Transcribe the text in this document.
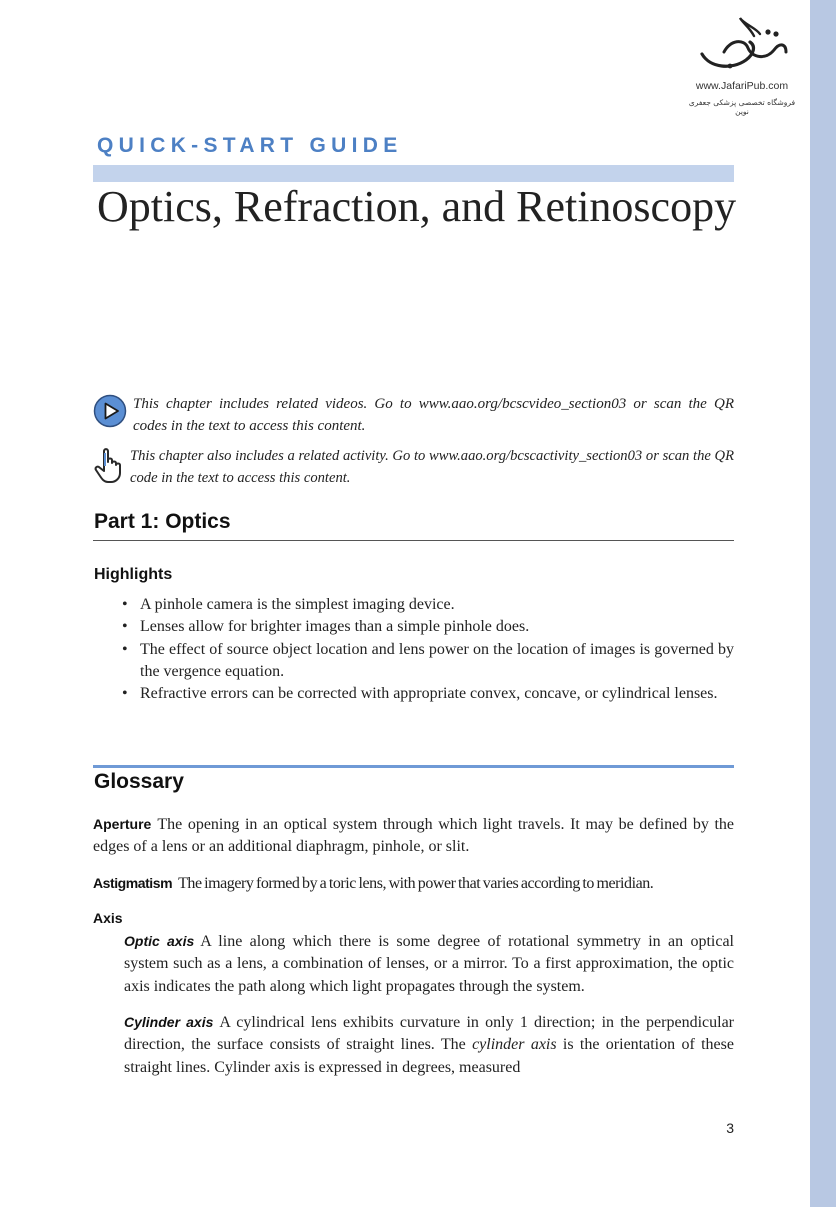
www.JafariPub.com
فروشگاه تخصصی پزشکی جعفری نوین
QUICK-START GUIDE
Optics, Refraction, and Retinoscopy
This chapter includes related videos. Go to www.aao.org/bcscvideo_section03 or scan the QR codes in the text to access this content.
This chapter also includes a related activity. Go to www.aao.org/bcscactivity_section03 or scan the QR code in the text to access this content.
Part 1: Optics
Highlights
• A pinhole camera is the simplest imaging device.
• Lenses allow for brighter images than a simple pinhole does.
• The effect of source object location and lens power on the location of images is governed by the vergence equation.
• Refractive errors can be corrected with appropriate convex, concave, or cylindrical lenses.
Glossary

Aperture The opening in an optical system through which light travels. It may be defined by the edges of a lens or an additional diaphragm, pinhole, or slit.

Astigmatism The imagery formed by a toric lens, with power that varies according to meridian.

Axis

Optic axis A line along which there is some degree of rotational symmetry in an optical system such as a lens, a combination of lenses, or a mirror. To a first approximation, the optic axis indicates the path along which light propagates through the system.

Cylinder axis A cylindrical lens exhibits curvature in only 1 direction; in the perpendicular direction, the surface consists of straight lines. The cylinder axis is the orientation of these straight lines. Cylinder axis is expressed in degrees, measured

3
